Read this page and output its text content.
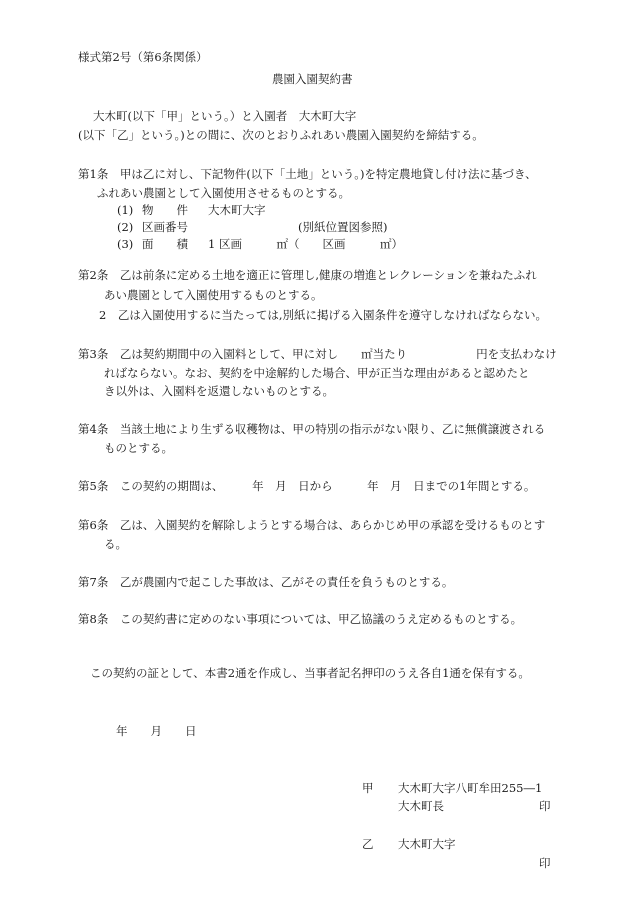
様式第2号（第6条関係）
農園入園契約書
大木町(以下「甲」という。）と入園者　大木町大字
(以下「乙」という。)との間に、次のとおりふれあい農園入園契約を締結する。
第1条　甲は乙に対し、下記物件(以下「土地」という。)を特定農地貸し付け法に基づき、
ふれあい農園として入園使用させるものとする。
(1) 物　　件 大木町大字
(2) 区画番号	(別紙位置図参照)
(3) 面　　積 1 区画　　　㎡（　　区画　　　㎡）
第2条　乙は前条に定める土地を適正に管理し,健康の増進とレクレーションを兼ねたふれ
あい農園として入園使用するものとする。
2　乙は入園使用するに当たっては,別紙に掲げる入園条件を遵守しなければならない。
第3条　乙は契約期間中の入園料として、甲に対し　　㎡当たり　　　　　　円を支払わなけ
ればならない。なお、契約を中途解約した場合、甲が正当な理由があると認めたと
き以外は、入園料を返還しないものとする。
第4条　当該土地により生ずる収穫物は、甲の特別の指示がない限り、乙に無償譲渡される
ものとする。
第5条　この契約の期間は、　　　年　月　日から　　　年　月　日までの1年間とする。
第6条　乙は、入園契約を解除しようとする場合は、あらかじめ甲の承認を受けるものとす
る。
第7条　乙が農園内で起こした事故は、乙がその責任を負うものとする。
第8条　この契約書に定めのない事項については、甲乙協議のうえ定めるものとする。
この契約の証として、本書2通を作成し、当事者記名押印のうえ各自1通を保有する。
年　　月　　日
甲 大木町大字八町牟田255―1
大木町長	印
乙 大木町大字
印
